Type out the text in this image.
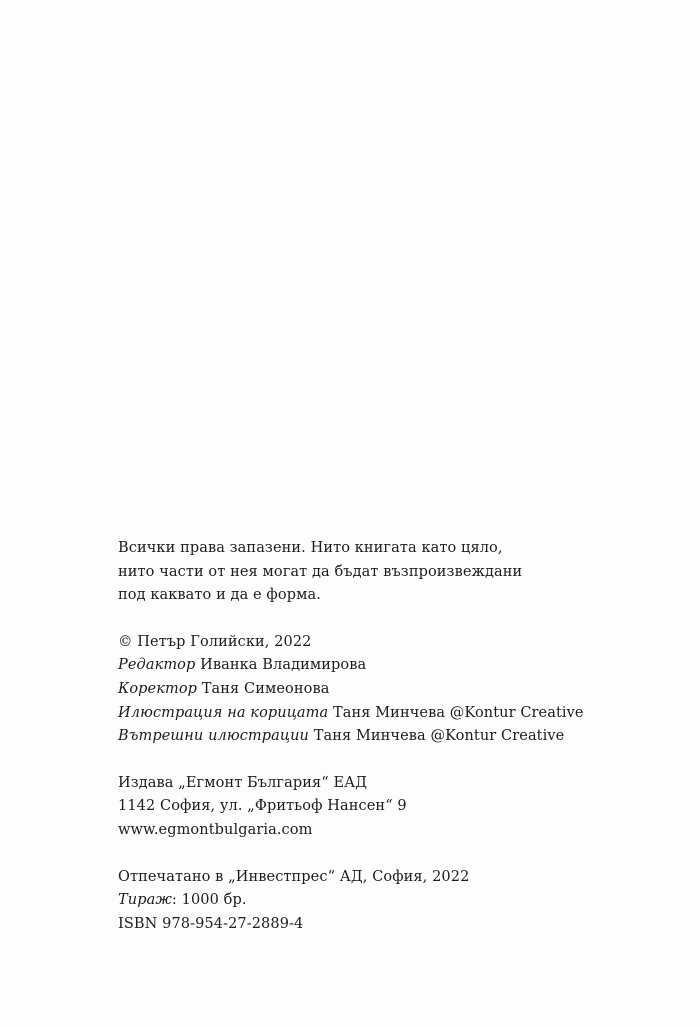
Всички права запазени. Нито книгата като цяло,
нито части от нея могат да бъдат възпроизвеждани
под каквато и да е форма.
© Петър Голийски, 2022
Редактор Иванка Владимирова
Коректор Таня Симеонова
Илюстрация на корицата Таня Минчева @Kontur Creative
Вътрешни илюстрации Таня Минчева @Kontur Creative
Издава „Егмонт България“ ЕАД
1142 София, ул. „Фритьоф Нансен“ 9
www.egmontbulgaria.com
Отпечатано в „Инвестпрес“ АД, София, 2022
Тираж: 1000 бр.
ISBN 978-954-27-2889-4
